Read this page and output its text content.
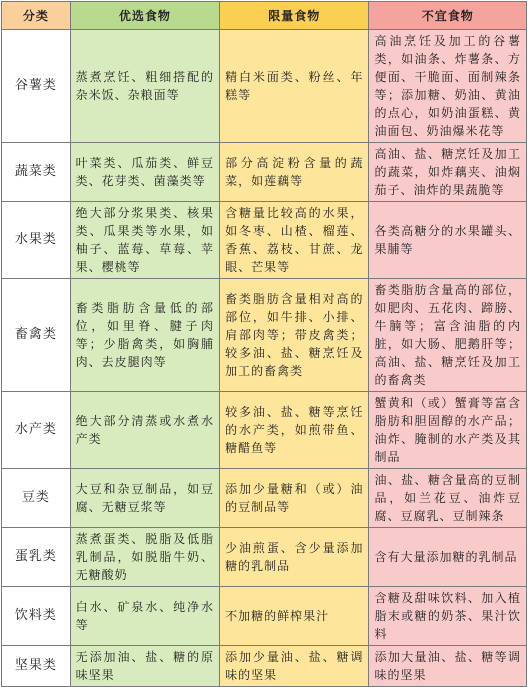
分类	优选食物	限量食物	不宜食物
谷薯类	蒸煮烹饪、粗细搭配的杂米饭、杂粮面等	精白米面类、粉丝、年糕等	高油烹饪及加工的谷薯类，如油条、炸薯条、方便面、干脆面、面制辣条等；添加糖、奶油、黄油的点心，如奶油蛋糕、黄油面包、奶油爆米花等
蔬菜类	叶菜类、瓜茄类、鲜豆类、花芽类、菌藻类等	部分高淀粉含量的蔬菜，如莲藕等	高油、盐、糖烹饪及加工的蔬菜，如炸藕夹、油焖茄子、油炸的果蔬脆等
水果类	绝大部分浆果类、核果类、瓜果类等水果，如柚子、蓝莓、草莓、苹果、樱桃等	含糖量比较高的水果，如冬枣、山楂、榴莲、香蕉、荔枝、甘蔗、龙眼、芒果等	各类高糖分的水果罐头、果脯等
畜禽类	畜类脂肪含量低的部位，如里脊、腱子肉等；少脂禽类，如胸脯肉、去皮腿肉等	畜类脂肪含量相对高的部位，如牛排、小排、肩部肉等；带皮禽类；较多油、盐、糖烹饪及加工的畜禽类	畜类脂肪含量高的部位，如肥肉、五花肉、蹄膀、牛腩等；富含油脂的内脏，如大肠、肥鹅肝等；高油、盐、糖烹饪及加工的畜禽类
水产类	绝大部分清蒸或水煮水产类	较多油、盐、糖等烹饪的水产类，如煎带鱼、糖醋鱼等	蟹黄和（或）蟹膏等富含脂肪和胆固醇的水产品；油炸、腌制的水产类及其制品
豆类	大豆和杂豆制品，如豆腐、无糖豆浆等	添加少量糖和（或）油的豆制品等	油、盐、糖含量高的豆制品，如兰花豆、油炸豆腐、豆腐乳、豆制辣条
蛋乳类	蒸煮蛋类、脱脂及低脂乳制品，如脱脂牛奶、无糖酸奶	少油煎蛋、含少量添加糖的乳制品	含有大量添加糖的乳制品
饮料类	白水、矿泉水、纯净水等	不加糖的鲜榨果汁	含糖及甜味饮料、加入植脂末或糖的奶茶、果汁饮料
坚果类	无添加油、盐、糖的原味坚果	添加少量油、盐、糖调味的坚果	添加大量油、盐、糖等调味的坚果
